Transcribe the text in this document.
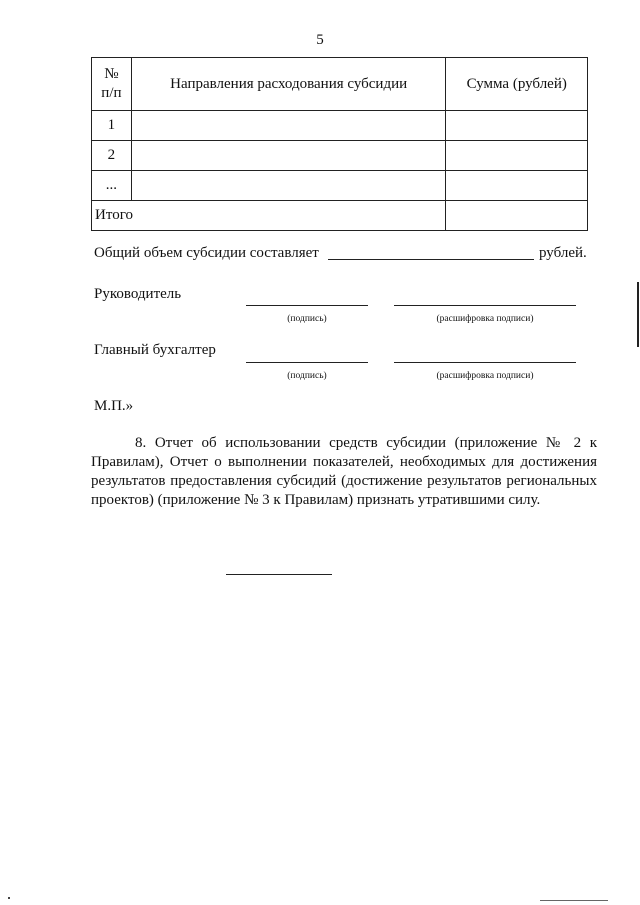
5
№
п/п	Направления расходования субсидии	Сумма (рублей)
1		
2		
...		
Итого		
Общий объем субсидии составляет	рублей.
Руководитель
(подпись)	(расшифровка подписи)
Главный бухгалтер
(подпись)	(расшифровка подписи)
М.П.»
8. Отчет об использовании средств субсидии (приложение № 2 к Правилам), Отчет о выполнении показателей, необходимых для достижения результатов предоставления субсидий (достижение результатов региональных проектов) (приложение № 3 к Правилам) признать утратившими силу.
